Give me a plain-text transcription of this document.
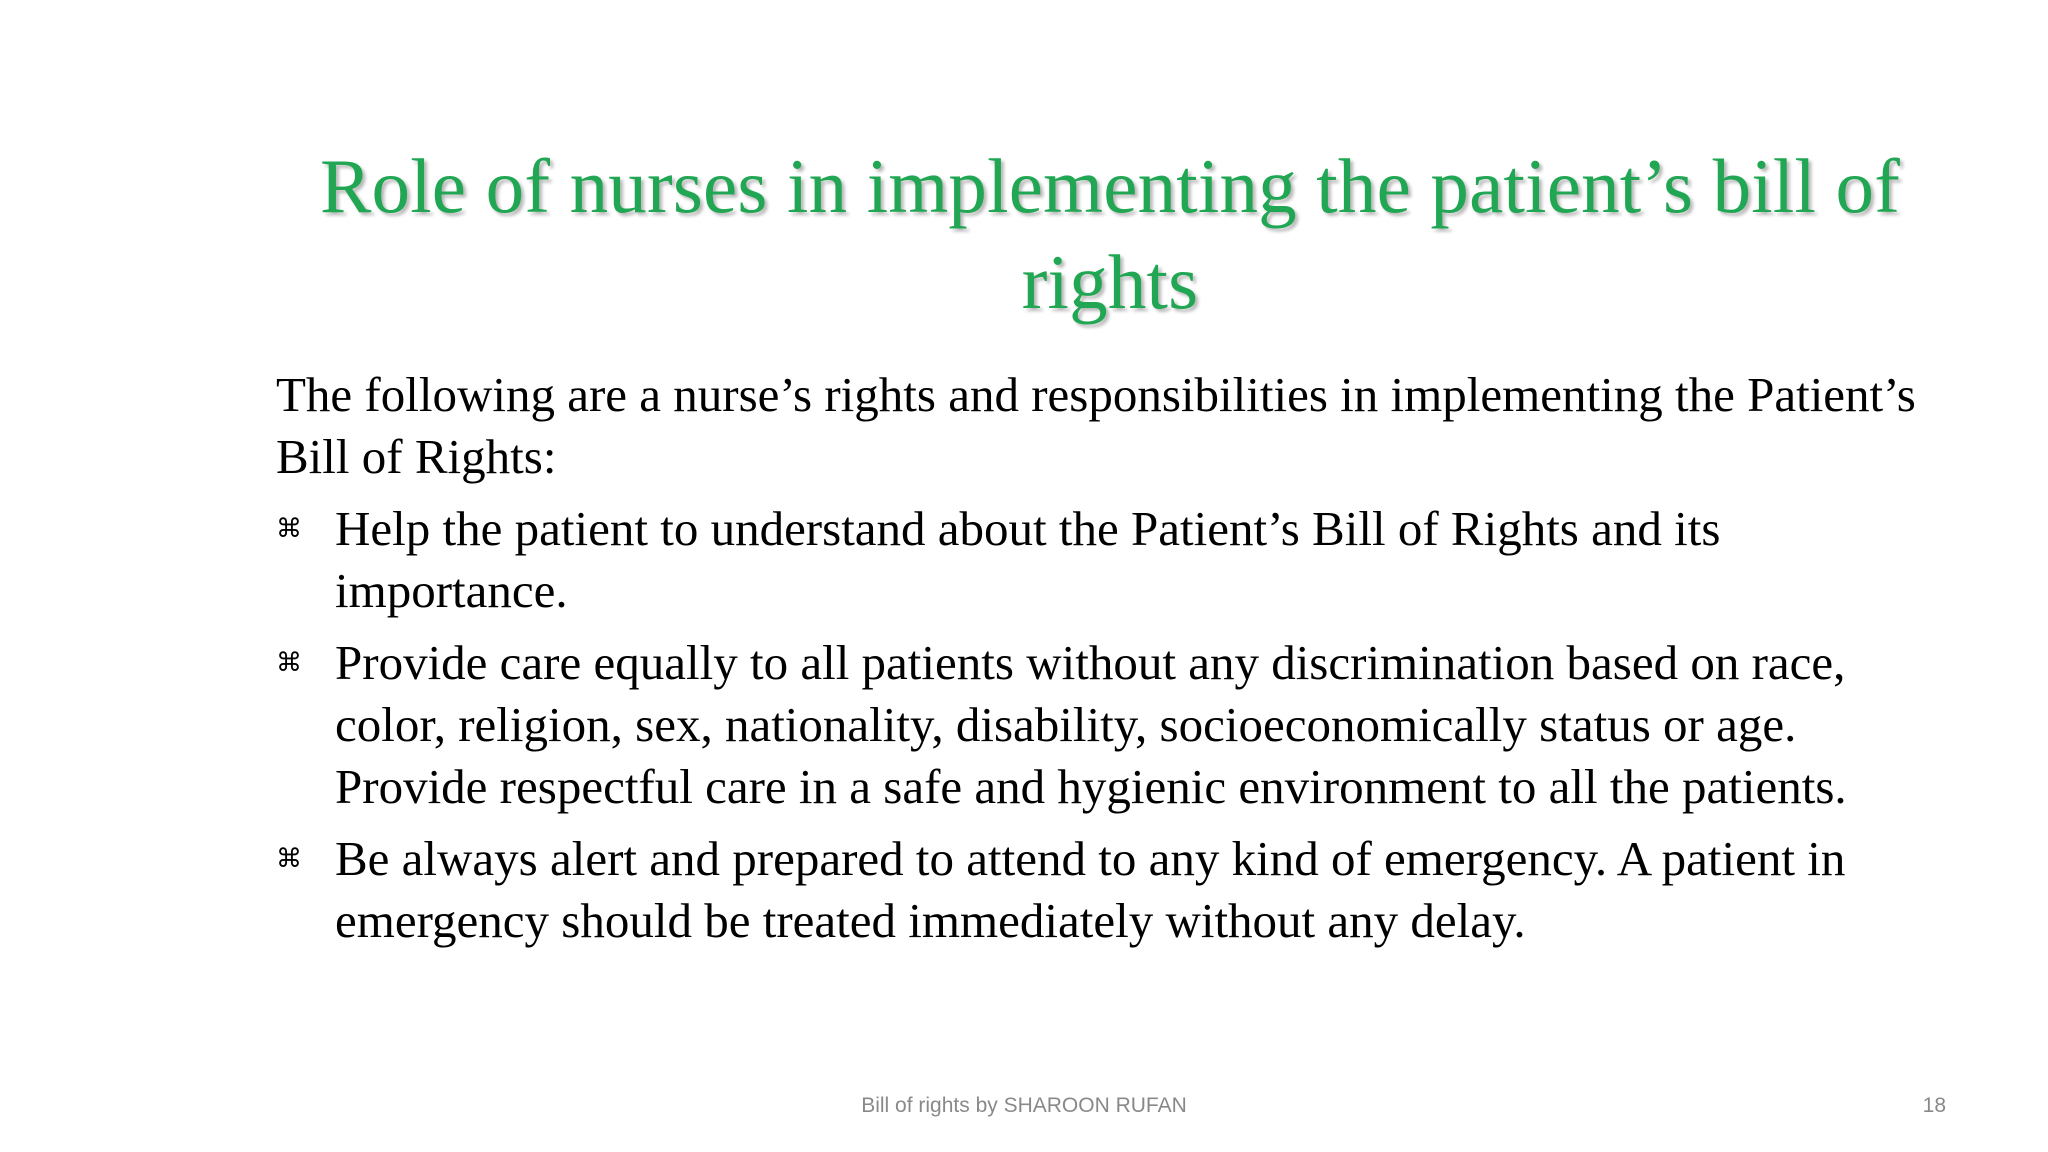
Role of nurses in implementing the patient’s bill of rights

The following are a nurse’s rights and responsibilities in implementing the Patient’s Bill of Rights:

⌘ Help the patient to understand about the Patient’s Bill of Rights and its importance.
⌘ Provide care equally to all patients without any discrimination based on race, color, religion, sex, nationality, disability, socioeconomically status or age. Provide respectful care in a safe and hygienic environment to all the patients.
⌘ Be always alert and prepared to attend to any kind of emergency. A patient in emergency should be treated immediately without any delay.
Bill of rights by SHAROON RUFAN	18
